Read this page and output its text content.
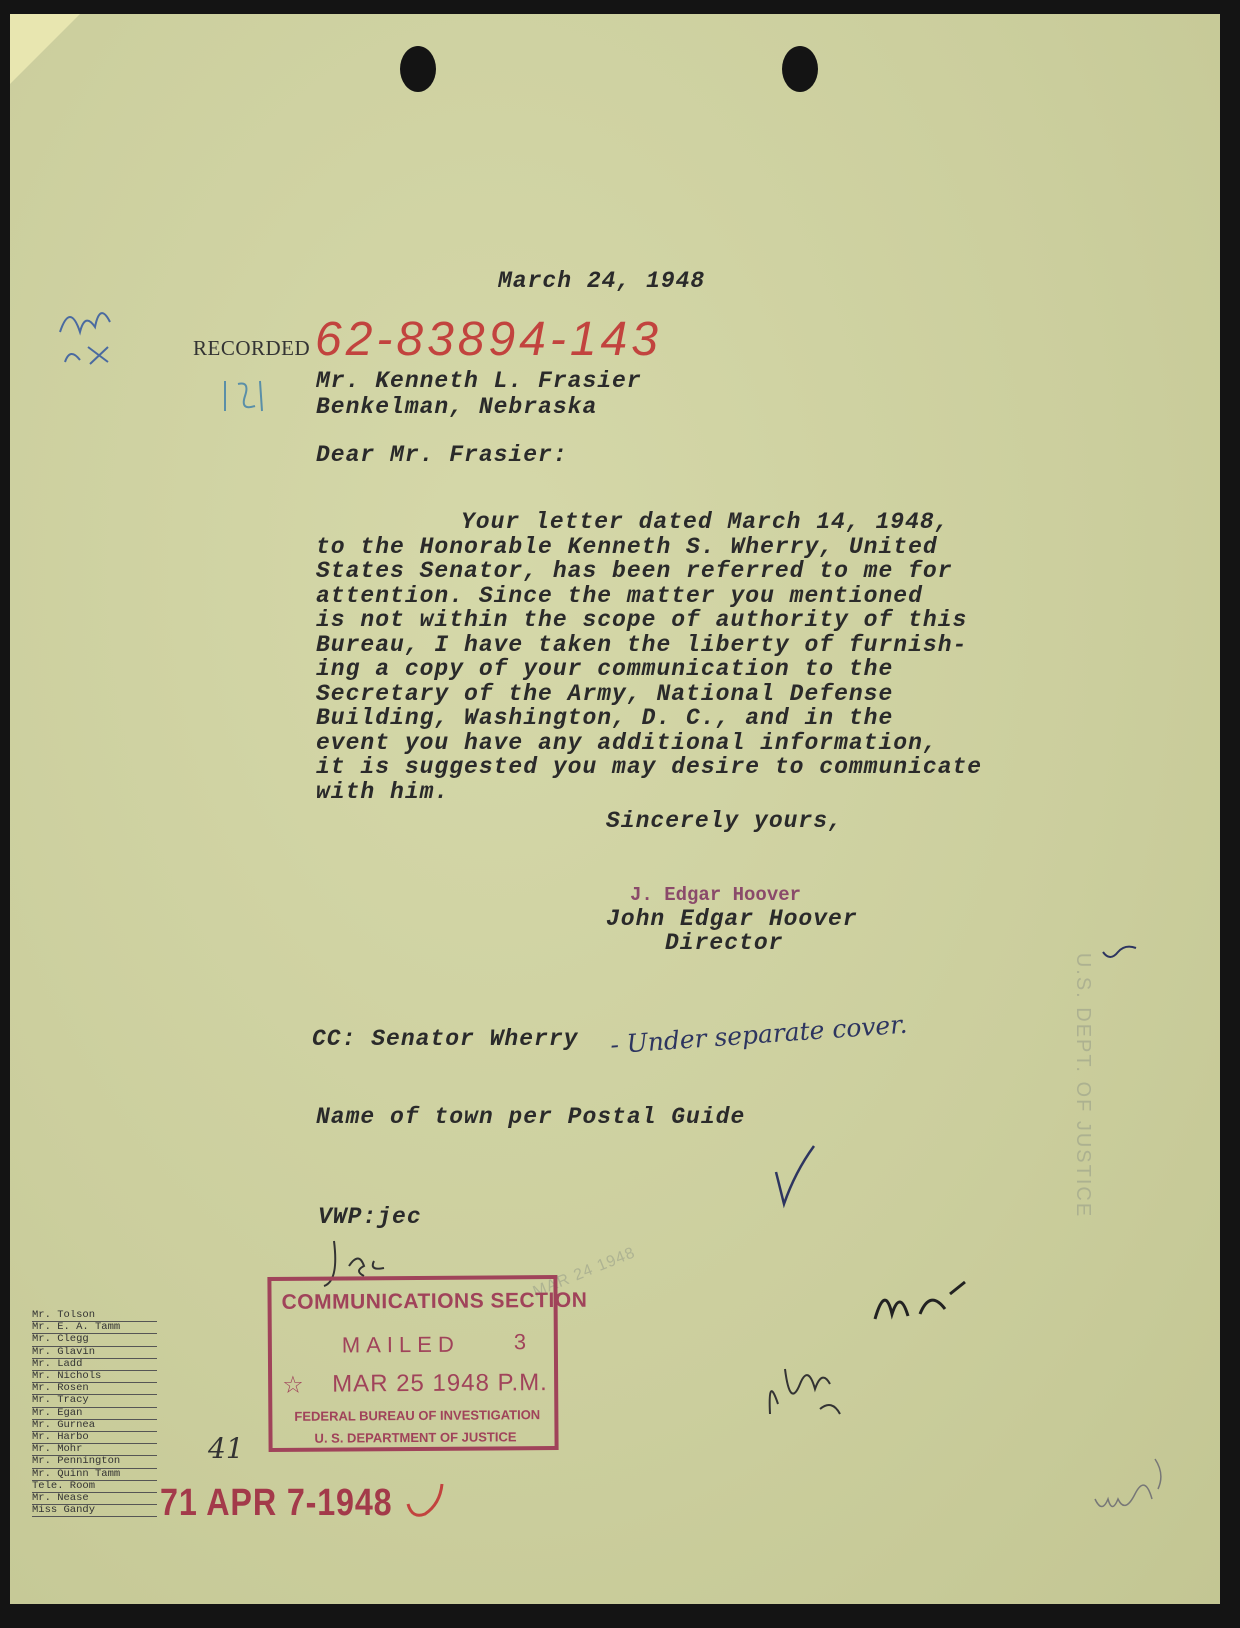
March 24, 1948
RECORDED 62-83894-143
Mr. Kenneth L. Frasier
Benkelman, Nebraska
Dear Mr. Frasier:
Your letter dated March 14, 1948,
to the Honorable Kenneth S. Wherry, United
States Senator, has been referred to me for
attention. Since the matter you mentioned
is not within the scope of authority of this
Bureau, I have taken the liberty of furnish-
ing a copy of your communication to the
Secretary of the Army, National Defense
Building, Washington, D. C., and in the
event you have any additional information,
it is suggested you may desire to communicate
with him.
Sincerely yours,
J. Edgar Hoover
John Edgar Hoover
Director
CC: Senator Wherry - Under separate cover.
Name of town per Postal Guide
VWP:jec	U.S. DEPT. OF JUSTICE
MAR 24 1948
Mr. Tolson
Mr. E. A. Tamm
Mr. Clegg
Mr. Glavin
Mr. Ladd
Mr. Nichols
Mr. Rosen
Mr. Tracy
Mr. Egan
Mr. Gurnea
Mr. Harbo
Mr. Mohr
Mr. Pennington
Mr. Quinn Tamm
Tele. Room
Mr. Nease
Miss Gandy
COMMUNICATIONS SECTION
MAILED 3
☆ MAR 25 1948 P.M.
FEDERAL BUREAU OF INVESTIGATION
U. S. DEPARTMENT OF JUSTICE
41
71 APR 7-1948
